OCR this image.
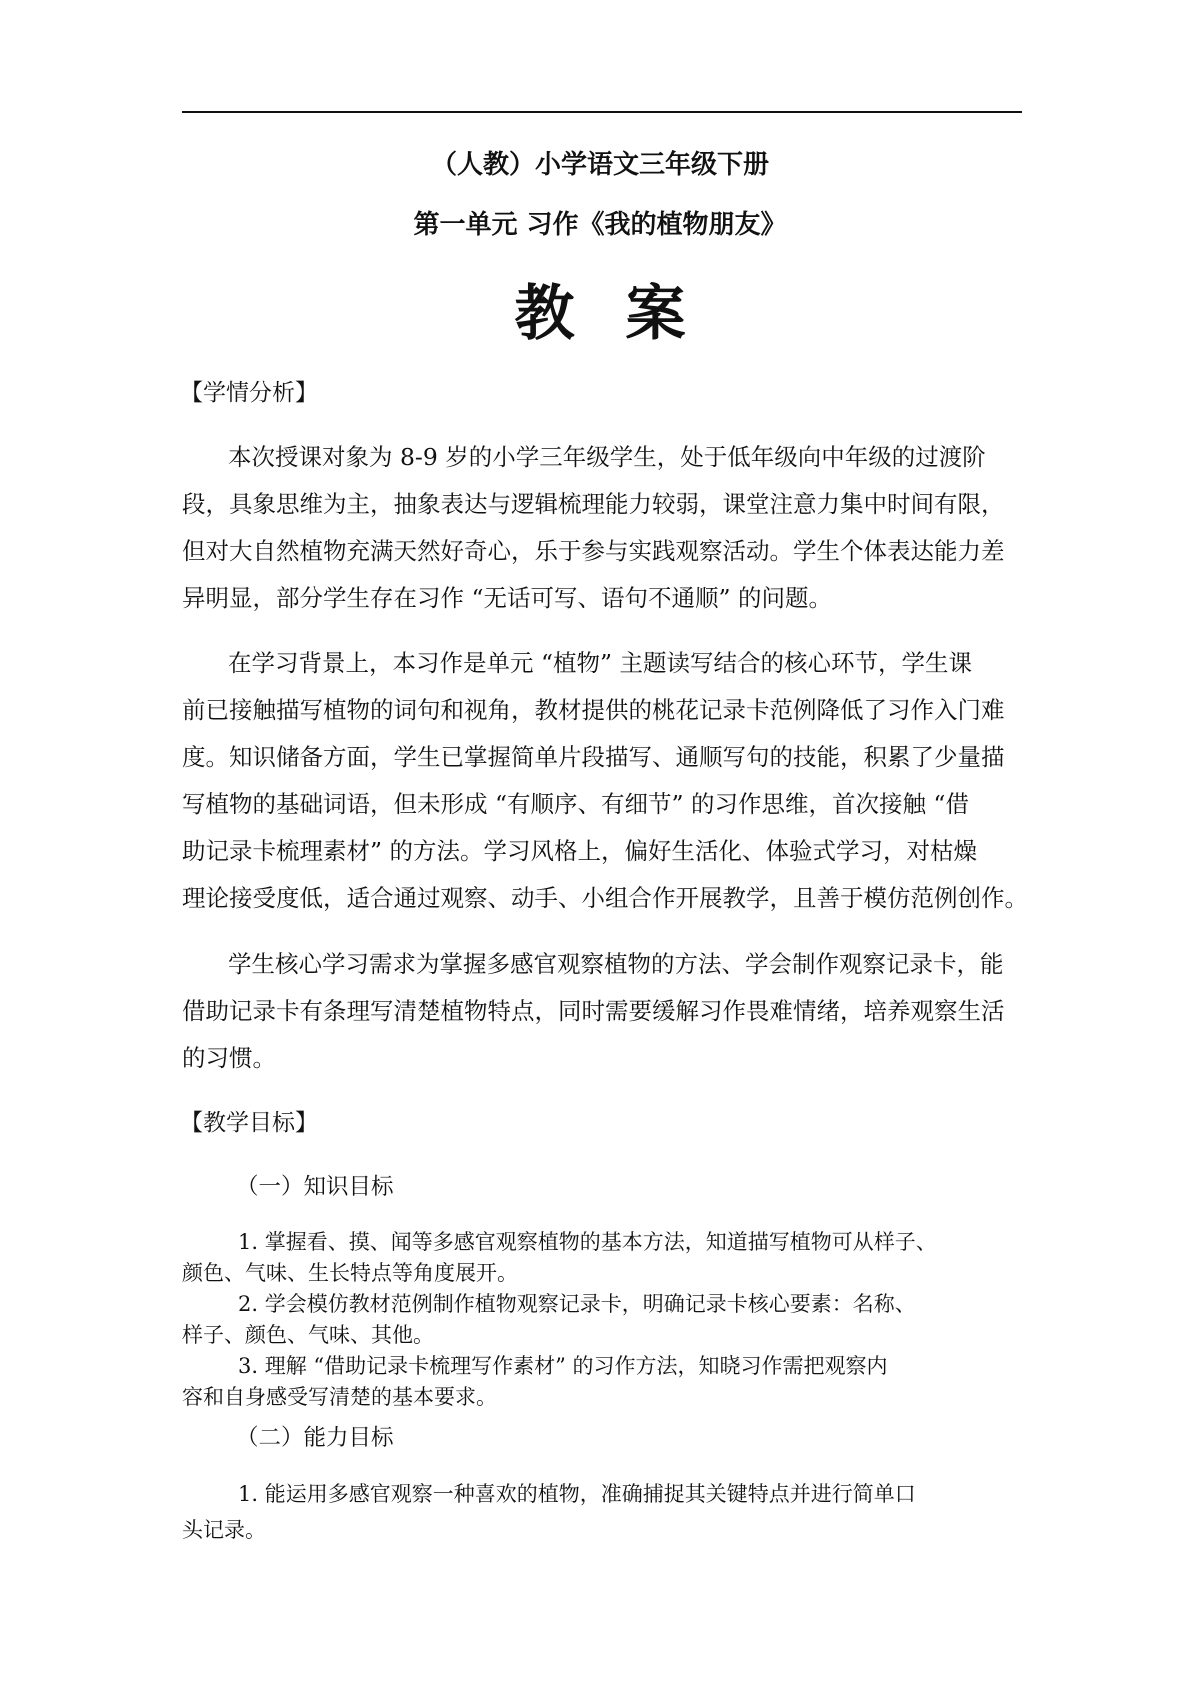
（人教）小学语文三年级下册
第一单元 习作《我的植物朋友》
教案
【学情分析】
本次授课对象为 8-9 岁的小学三年级学生，处于低年级向中年级的过渡阶
段，具象思维为主，抽象表达与逻辑梳理能力较弱，课堂注意力集中时间有限，
但对大自然植物充满天然好奇心，乐于参与实践观察活动。学生个体表达能力差
异明显，部分学生存在习作 “无话可写、语句不通顺” 的问题。
在学习背景上，本习作是单元 “植物” 主题读写结合的核心环节，学生课
前已接触描写植物的词句和视角，教材提供的桃花记录卡范例降低了习作入门难
度。知识储备方面，学生已掌握简单片段描写、通顺写句的技能，积累了少量描
写植物的基础词语，但未形成 “有顺序、有细节” 的习作思维，首次接触 “借
助记录卡梳理素材” 的方法。学习风格上，偏好生活化、体验式学习，对枯燥
理论接受度低，适合通过观察、动手、小组合作开展教学，且善于模仿范例创作。
学生核心学习需求为掌握多感官观察植物的方法、学会制作观察记录卡，能
借助记录卡有条理写清楚植物特点，同时需要缓解习作畏难情绪，培养观察生活
的习惯。
【教学目标】
（一）知识目标
1. 掌握看、摸、闻等多感官观察植物的基本方法，知道描写植物可从样子、
颜色、气味、生长特点等角度展开。
2. 学会模仿教材范例制作植物观察记录卡，明确记录卡核心要素：名称、
样子、颜色、气味、其他。
3. 理解 “借助记录卡梳理写作素材” 的习作方法，知晓习作需把观察内
容和自身感受写清楚的基本要求。
（二）能力目标
1. 能运用多感官观察一种喜欢的植物，准确捕捉其关键特点并进行简单口
头记录。
